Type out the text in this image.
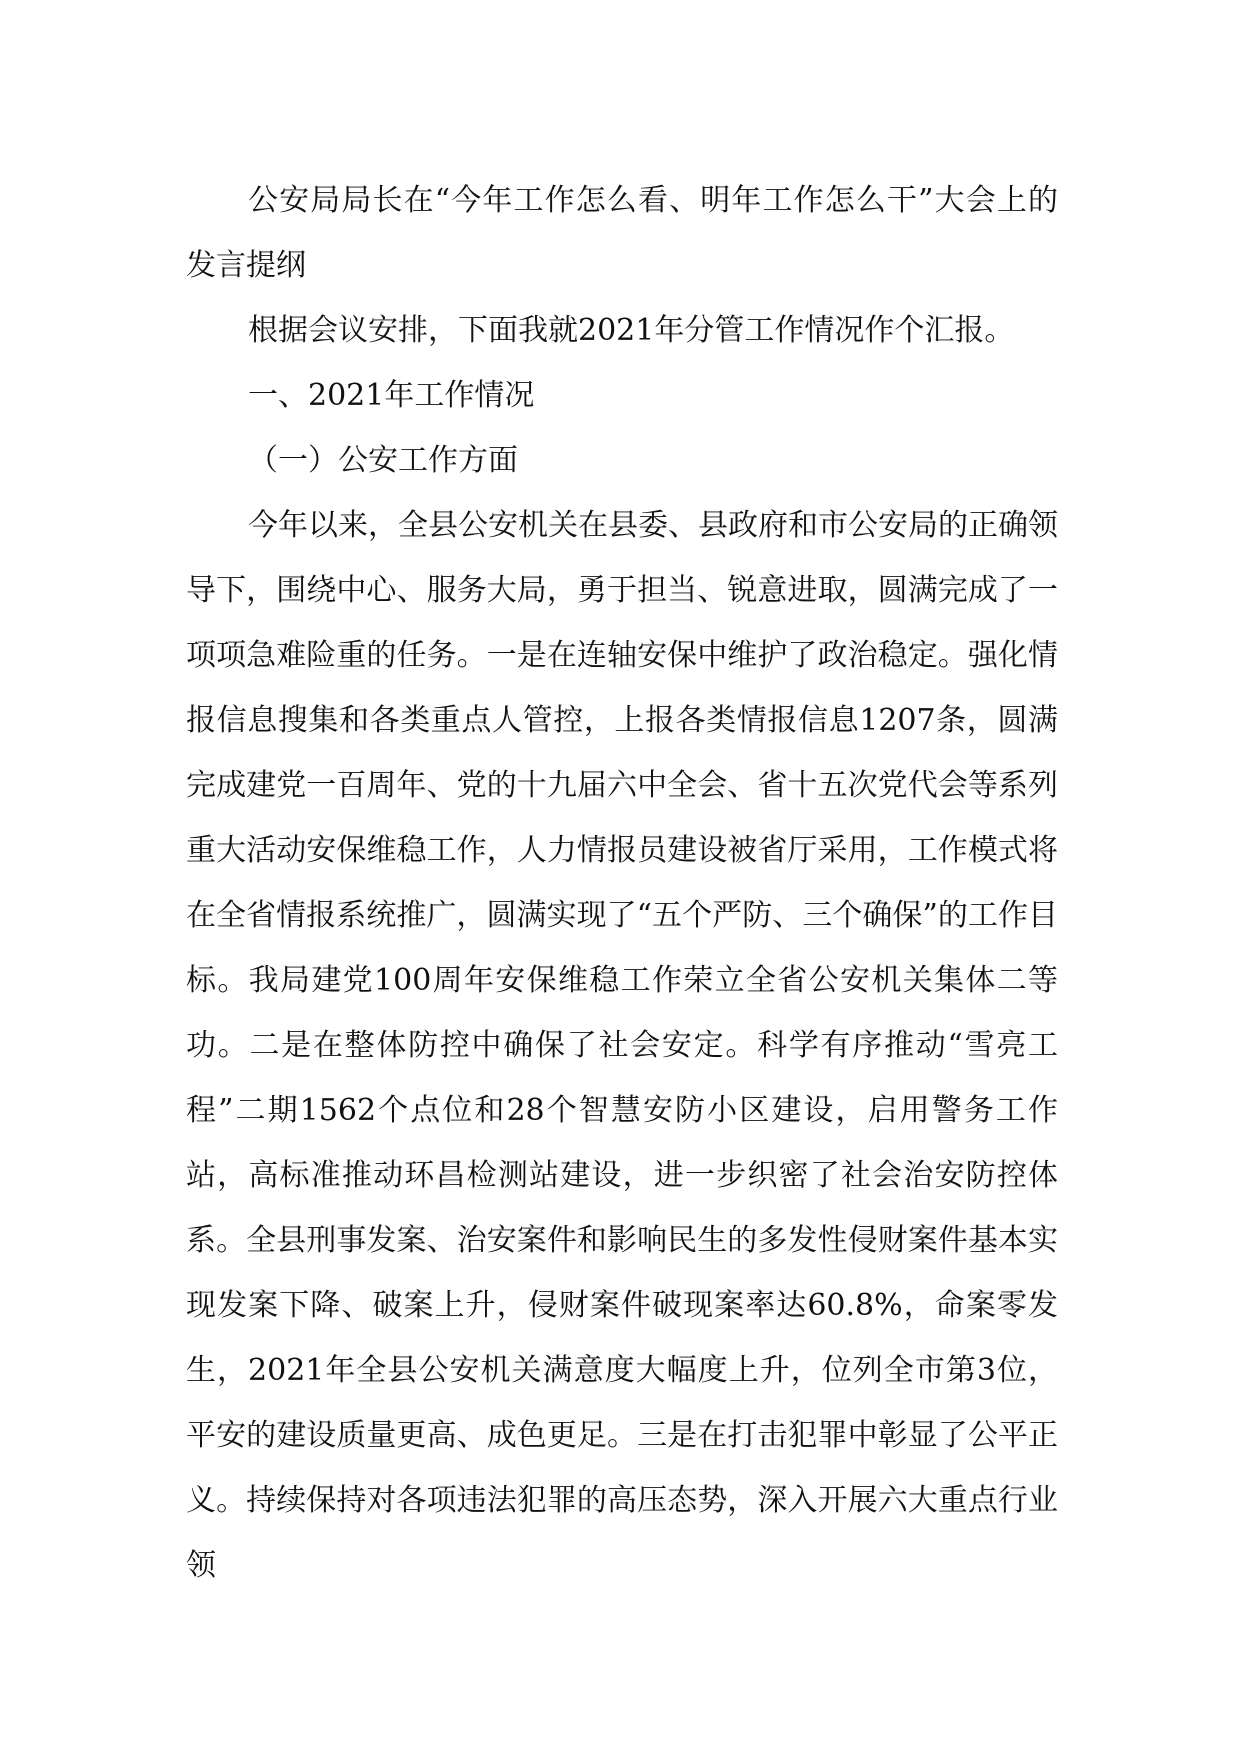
公安局局长在“今年工作怎么看、明年工作怎么干”大会上的发言提纲

根据会议安排，下面我就2021年分管工作情况作个汇报。

一、2021年工作情况

（一）公安工作方面

今年以来，全县公安机关在县委、县政府和市公安局的正确领导下，围绕中心、服务大局，勇于担当、锐意进取，圆满完成了一项项急难险重的任务。一是在连轴安保中维护了政治稳定。强化情报信息搜集和各类重点人管控，上报各类情报信息1207条，圆满完成建党一百周年、党的十九届六中全会、省十五次党代会等系列重大活动安保维稳工作，人力情报员建设被省厅采用，工作模式将在全省情报系统推广，圆满实现了“五个严防、三个确保”的工作目标。我局建党100周年安保维稳工作荣立全省公安机关集体二等功。二是在整体防控中确保了社会安定。科学有序推动“雪亮工程”二期1562个点位和28个智慧安防小区建设，启用警务工作站，高标准推动环昌检测站建设，进一步织密了社会治安防控体系。全县刑事发案、治安案件和影响民生的多发性侵财案件基本实现发案下降、破案上升，侵财案件破现案率达60.8%，命案零发生，2021年全县公安机关满意度大幅度上升，位列全市第3位，平安的建设质量更高、成色更足。三是在打击犯罪中彰显了公平正义。持续保持对各项违法犯罪的高压态势，深入开展六大重点行业领
